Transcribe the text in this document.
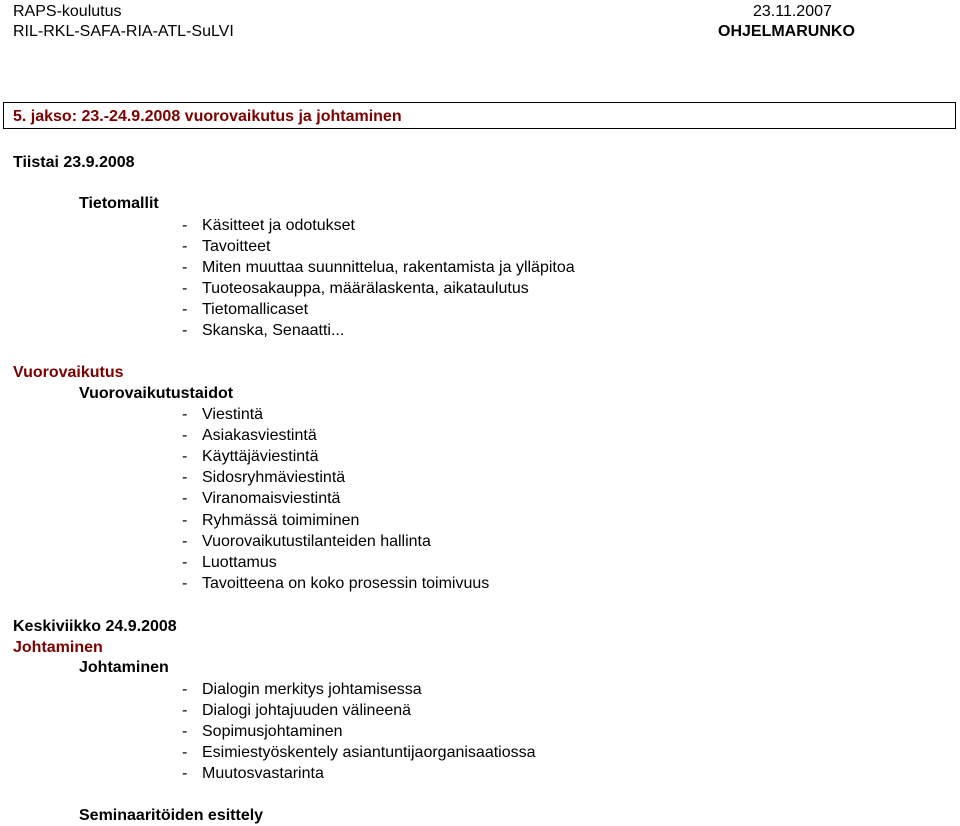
RAPS-koulutus
RIL-RKL-SAFA-RIA-ATL-SuLVI
23.11.2007
OHJELMARUNKO
5. jakso: 23.-24.9.2008 vuorovaikutus ja johtaminen
Tiistai 23.9.2008
Tietomallit
- Käsitteet ja odotukset
- Tavoitteet
- Miten muuttaa suunnittelua, rakentamista ja ylläpitoa
- Tuoteosakauppa, määrälaskenta, aikataulutus
- Tietomallicaset
- Skanska, Senaatti...
Vuorovaikutus
Vuorovaikutustaidot
- Viestintä
- Asiakasviestintä
- Käyttäjäviestintä
- Sidosryhmäviestintä
- Viranomaisviestintä
- Ryhmässä toimiminen
- Vuorovaikutustilanteiden hallinta
- Luottamus
- Tavoitteena on koko prosessin toimivuus
Keskiviikko 24.9.2008
Johtaminen
Johtaminen
- Dialogin merkitys johtamisessa
- Dialogi johtajuuden välineenä
- Sopimusjohtaminen
- Esimiestyöskentely asiantuntijaorganisaatiossa
- Muutosvastarinta
Seminaaritöiden esittely
